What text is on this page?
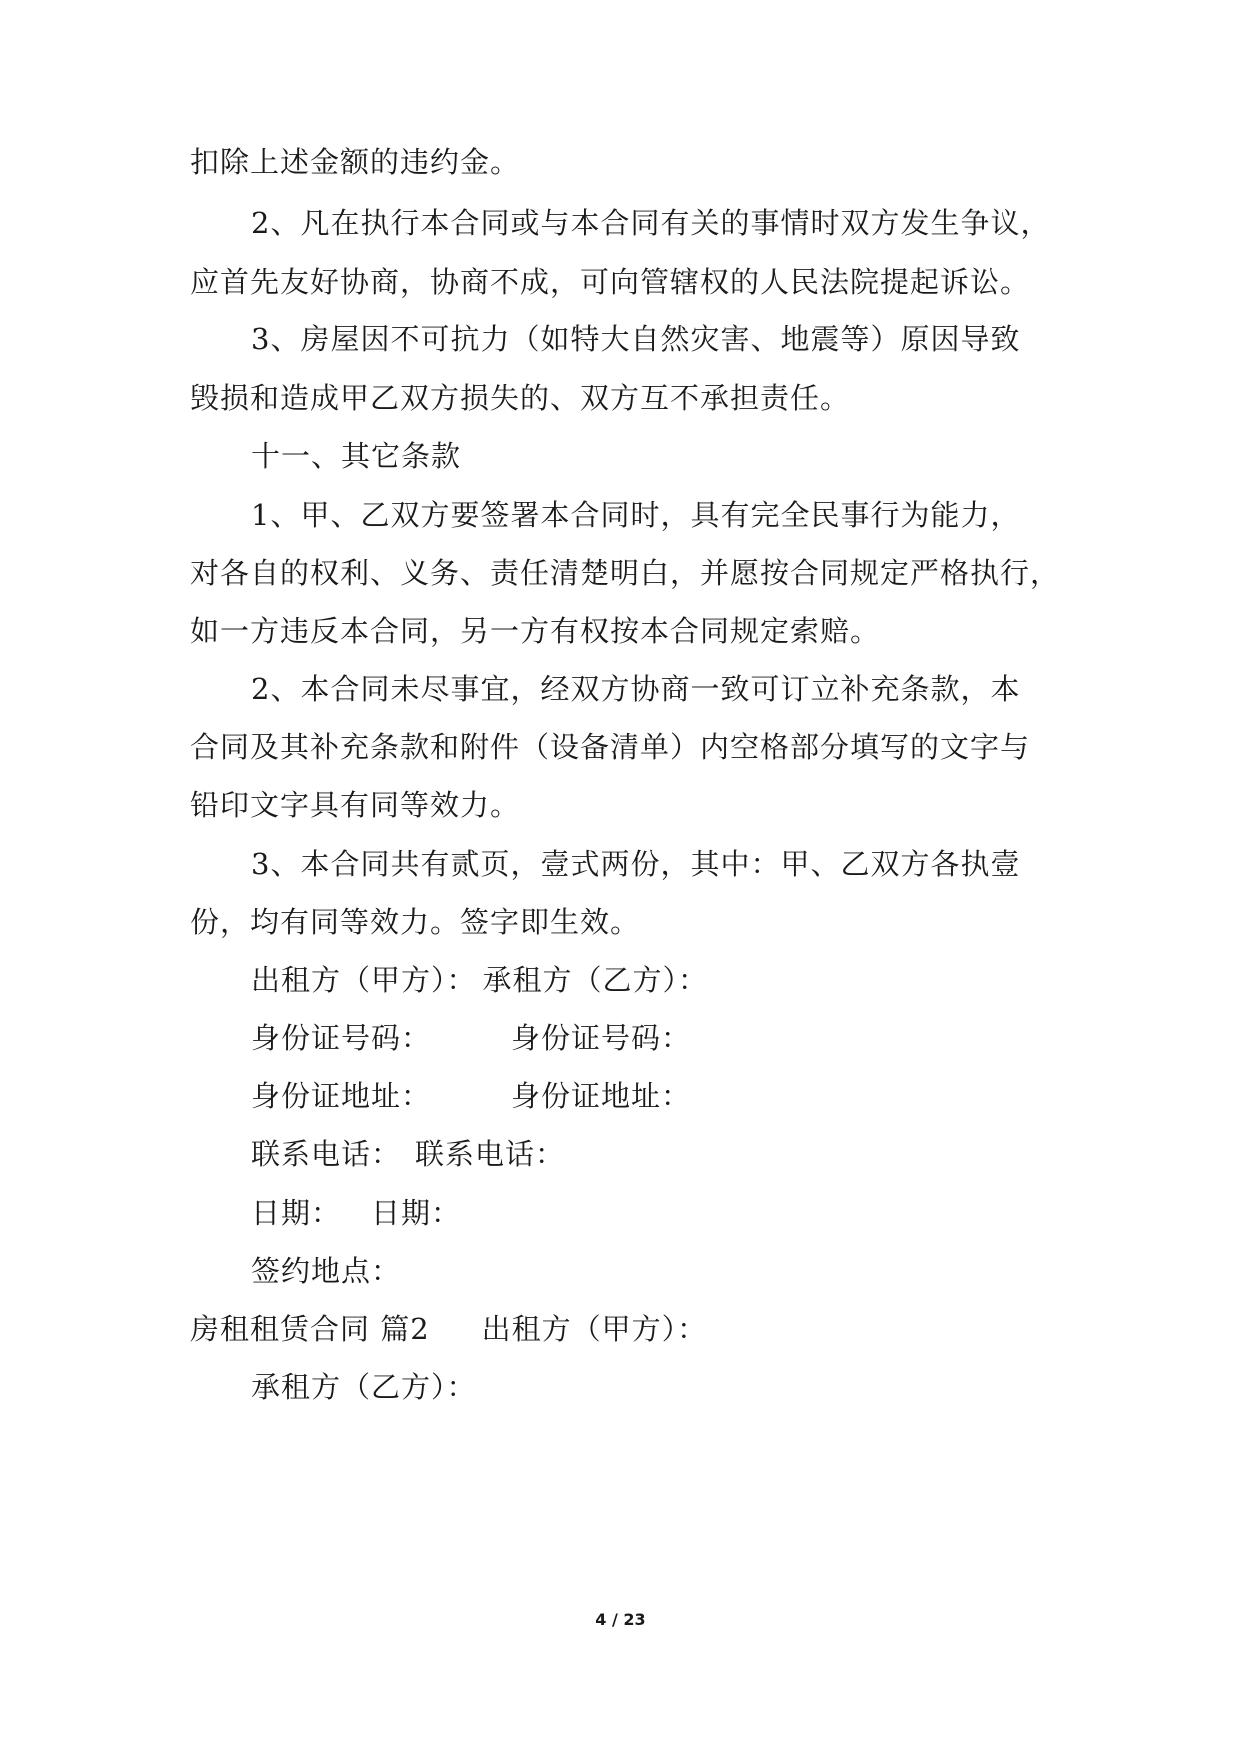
扣除上述金额的违约金。
2、凡在执行本合同或与本合同有关的事情时双方发生争议，
应首先友好协商，协商不成，可向管辖权的人民法院提起诉讼。
3、房屋因不可抗力（如特大自然灾害、地震等）原因导致
毁损和造成甲乙双方损失的、双方互不承担责任。
十一、其它条款
1、甲、乙双方要签署本合同时，具有完全民事行为能力，
对各自的权利、义务、责任清楚明白，并愿按合同规定严格执行，
如一方违反本合同，另一方有权按本合同规定索赔。
2、本合同未尽事宜，经双方协商一致可订立补充条款，本
合同及其补充条款和附件（设备清单）内空格部分填写的文字与
铅印文字具有同等效力。
3、本合同共有贰页，壹式两份，其中：甲、乙双方各执壹
份，均有同等效力。签字即生效。
出租方（甲方）： 承租方（乙方）：
身份证号码：	身份证号码：
身份证地址：	身份证地址：
联系电话： 联系电话：
日期： 日期：
签约地点：
房租租赁合同 篇2 出租方（甲方）：
承租方（乙方）：
4 / 23
